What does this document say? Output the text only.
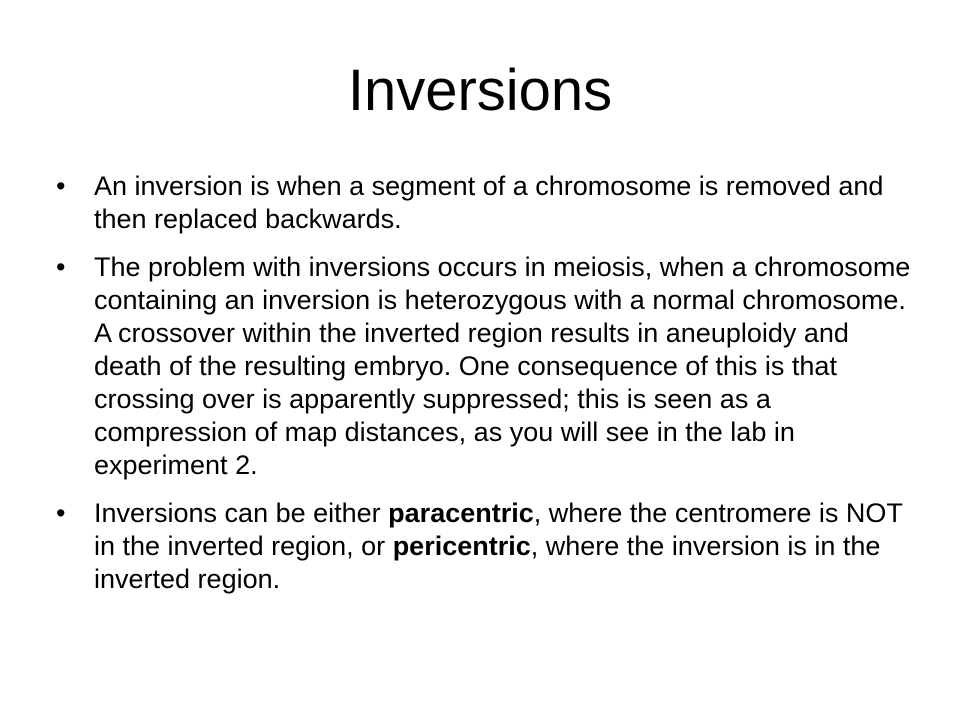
Inversions
• An inversion is when a segment of a chromosome is removed and then replaced backwards.
• The problem with inversions occurs in meiosis, when a chromosome containing an inversion is heterozygous with a normal chromosome. A crossover within the inverted region results in aneuploidy and death of the resulting embryo. One consequence of this is that crossing over is apparently suppressed; this is seen as a compression of map distances, as you will see in the lab in experiment 2.
• Inversions can be either paracentric, where the centromere is NOT in the inverted region, or pericentric, where the inversion is in the inverted region.
